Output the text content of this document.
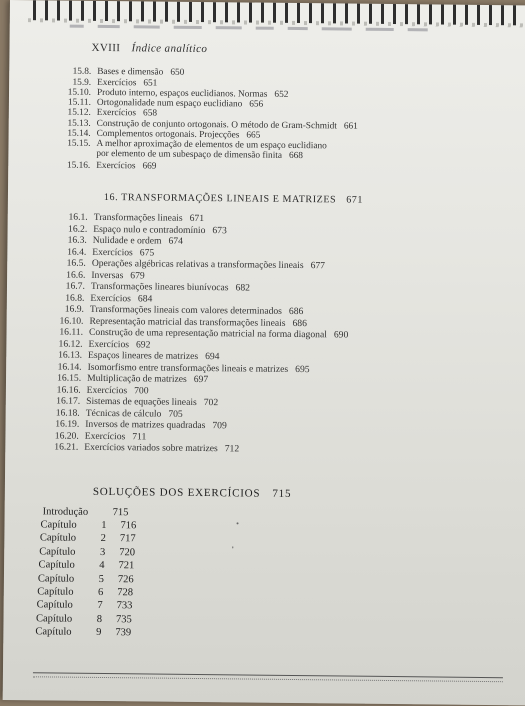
XVIII Índice analítico
15.8. Bases e dimensão 650
15.9. Exercícios 651
15.10. Produto interno, espaços euclidianos. Normas 652
15.11. Ortogonalidade num espaço euclidiano 656
15.12. Exercícios 658
15.13. Construção de conjunto ortogonais. O método de Gram-Schmidt 661
15.14. Complementos ortogonais. Projecções 665
15.15. A melhor aproximação de elementos de um espaço euclidiano
por elemento de um subespaço de dimensão finita 668
15.16. Exercícios 669
16. TRANSFORMAÇÕES LINEAIS E MATRIZES 671
16.1. Transformações lineais 671
16.2. Espaço nulo e contradomínio 673
16.3. Nulidade e ordem 674
16.4. Exercícios 675
16.5. Operações algébricas relativas a transformações lineais 677
16.6. Inversas 679
16.7. Transformações lineares biunívocas 682
16.8. Exercícios 684
16.9. Transformações lineais com valores determinados 686
16.10. Representação matricial das transformações lineais 686
16.11. Construção de uma representação matricial na forma diagonal 690
16.12. Exercícios 692
16.13. Espaços lineares de matrizes 694
16.14. Isomorfismo entre transformações lineais e matrizes 695
16.15. Multiplicação de matrizes 697
16.16. Exercícios 700
16.17. Sistemas de equações lineais 702
16.18. Técnicas de cálculo 705
16.19. Inversos de matrizes quadradas 709
16.20. Exercícios 711
16.21. Exercícios variados sobre matrizes 712
SOLUÇÕES DOS EXERCÍCIOS 715
Introdução 715
Capítulo 1 716
Capítulo 2 717
Capítulo 3 720
Capítulo 4 721
Capítulo 5 726
Capítulo 6 728
Capítulo 7 733
Capítulo 8 735
Capítulo 9 739
